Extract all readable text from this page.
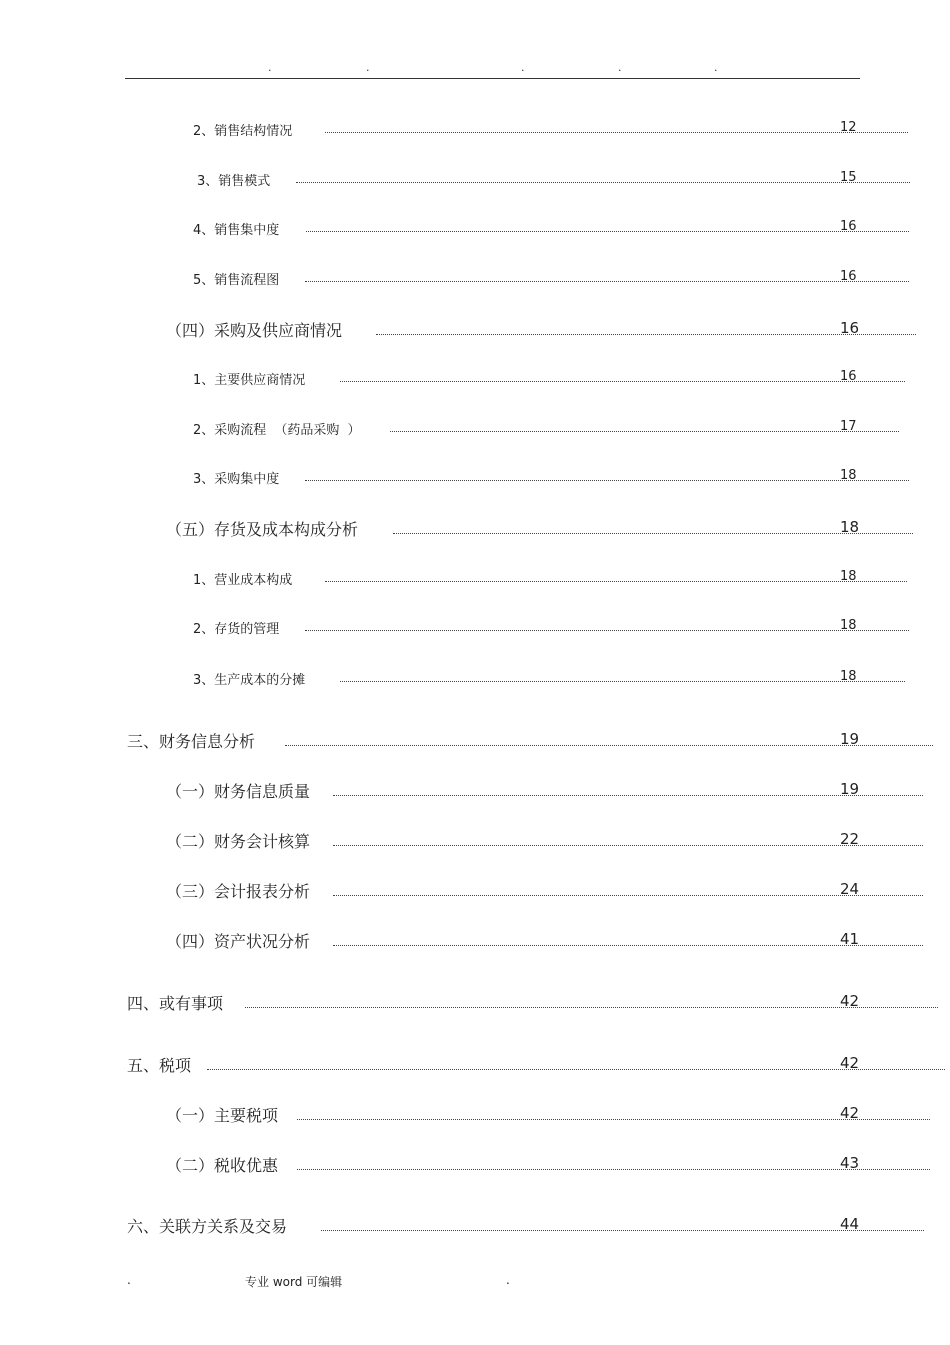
.	.	.	.	.
2、销售结构情况	12
3、销售模式	15
4、销售集中度	16
5、销售流程图	16
（四）采购及供应商情况	16
1、主要供应商情况	16
2、采购流程 （药品采购 ）	17
3、采购集中度	18
（五）存货及成本构成分析	18
1、营业成本构成	18
2、存货的管理	18
3、生产成本的分摊	18
三、财务信息分析	19
（一）财务信息质量	19
（二）财务会计核算	22
（三）会计报表分析	24
（四）资产状况分析	41
四、或有事项	42
五、税项	42
（一）主要税项	42
（二）税收优惠	43
六、关联方关系及交易	44
.	专业 word 可编辑	.
